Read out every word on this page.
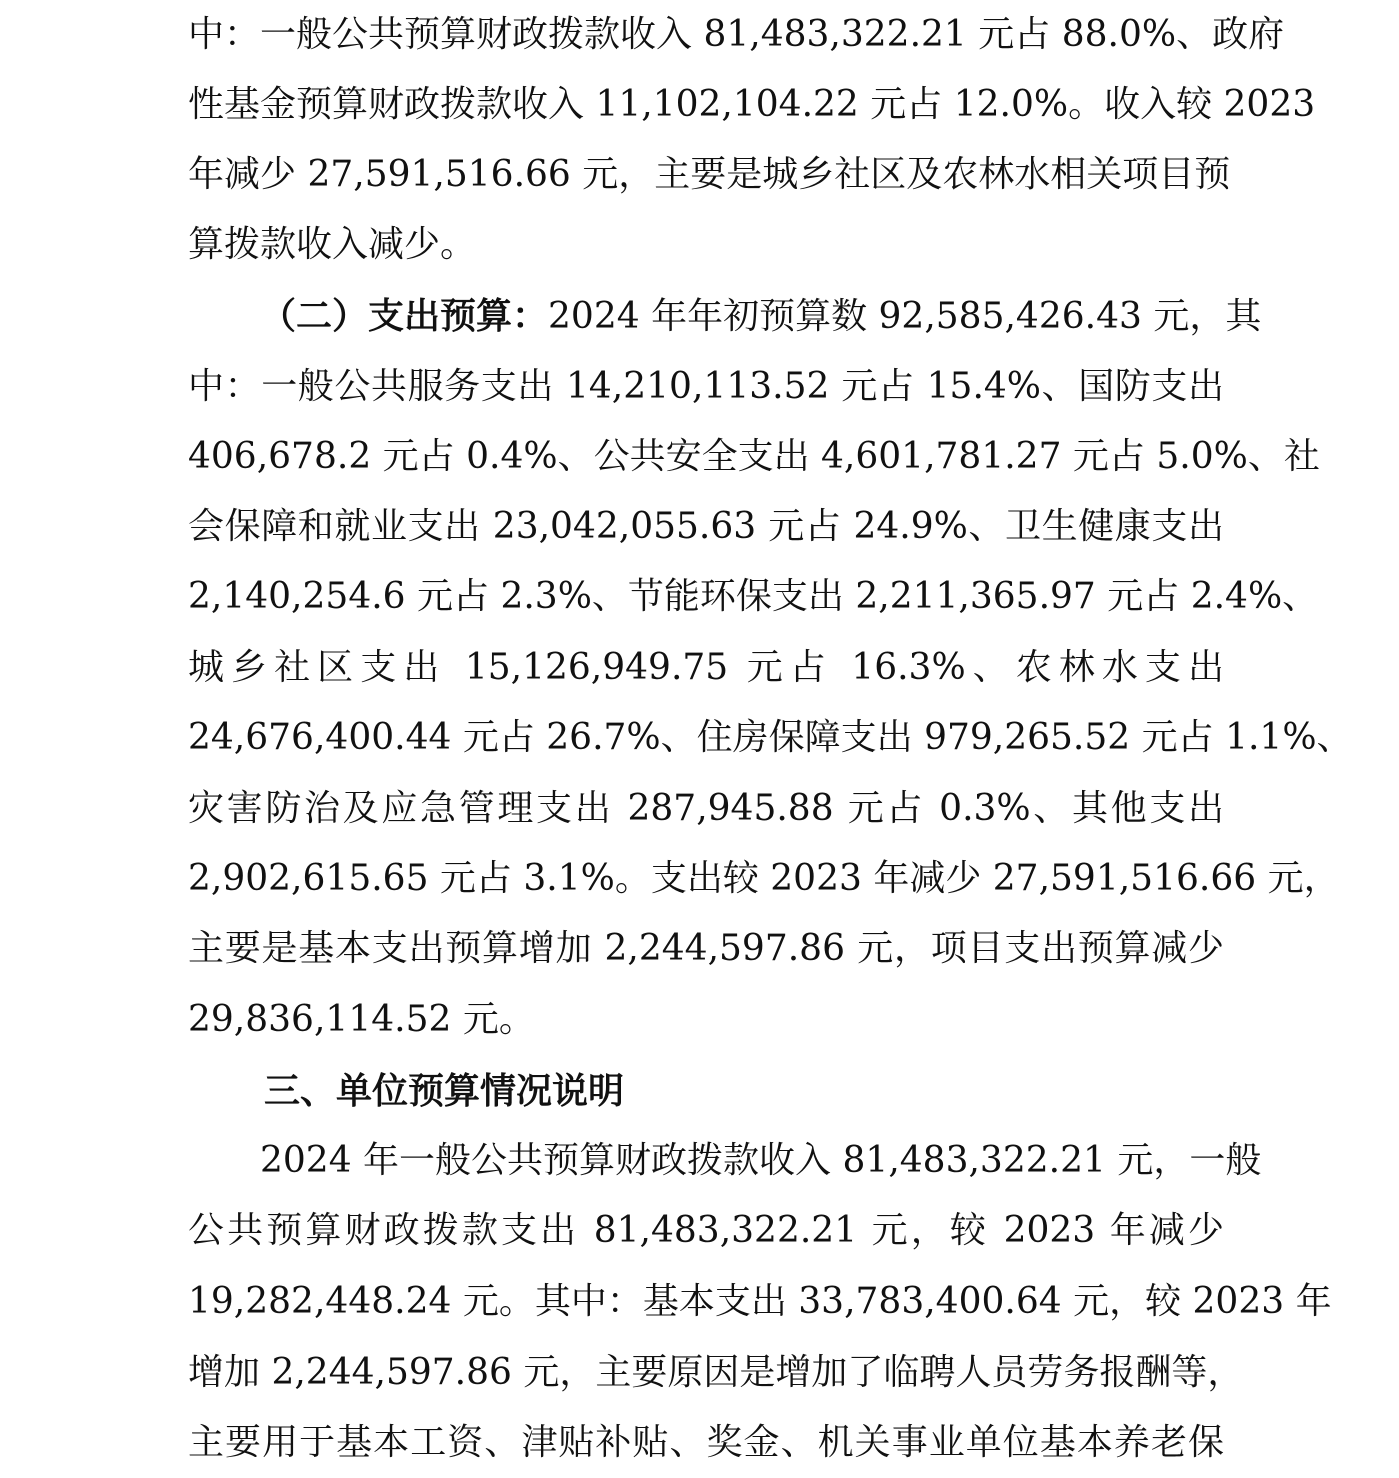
中：一般公共预算财政拨款收入 81,483,322.21 元占 88.0%、政府
性基金预算财政拨款收入 11,102,104.22 元占 12.0%。收入较 2023
年减少 27,591,516.66 元，主要是城乡社区及农林水相关项目预
算拨款收入减少。
（二）支出预算：2024 年年初预算数 92,585,426.43 元，其
中：一般公共服务支出 14,210,113.52 元占 15.4%、国防支出
406,678.2 元占 0.4%、公共安全支出 4,601,781.27 元占 5.0%、社
会保障和就业支出 23,042,055.63 元占 24.9%、卫生健康支出
2,140,254.6 元占 2.3%、节能环保支出 2,211,365.97 元占 2.4%、
城乡社区支出 15,126,949.75 元占 16.3%、农林水支出
24,676,400.44 元占 26.7%、住房保障支出 979,265.52 元占 1.1%、
灾害防治及应急管理支出 287,945.88 元占 0.3%、其他支出
2,902,615.65 元占 3.1%。支出较 2023 年减少 27,591,516.66 元，
主要是基本支出预算增加 2,244,597.86 元，项目支出预算减少
29,836,114.52 元。
三、单位预算情况说明
2024 年一般公共预算财政拨款收入 81,483,322.21 元，一般
公共预算财政拨款支出 81,483,322.21 元，较 2023 年减少
19,282,448.24 元。其中：基本支出 33,783,400.64 元，较 2023 年
增加 2,244,597.86 元，主要原因是增加了临聘人员劳务报酬等，
主要用于基本工资、津贴补贴、奖金、机关事业单位基本养老保
